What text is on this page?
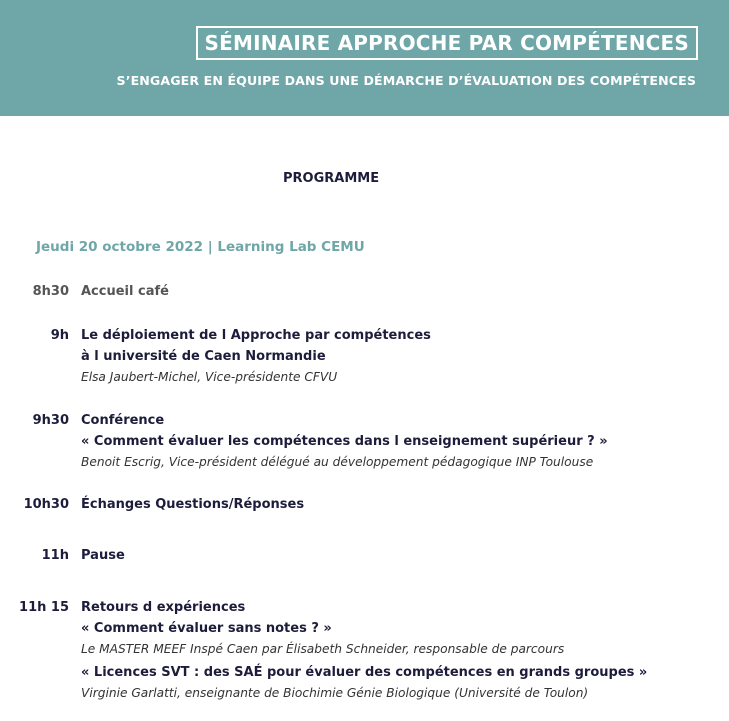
SÉMINAIRE APPROCHE PAR COMPÉTENCES
S’ENGAGER EN ÉQUIPE DANS UNE DÉMARCHE D’ÉVALUATION DES COMPÉTENCES
PROGRAMME
Jeudi 20 octobre 2022 | Learning Lab CEMU
8h30 Accueil café
9h Le déploiement de l Approche par compétences
à l université de Caen Normandie
Elsa Jaubert-Michel, Vice-présidente CFVU
9h30 Conférence
« Comment évaluer les compétences dans l enseignement supérieur ? »
Benoit Escrig, Vice-président délégué au développement pédagogique INP Toulouse
10h30 Échanges Questions/Réponses
11h Pause
11h 15 Retours d expériences
« Comment évaluer sans notes ? »
Le MASTER MEEF Inspé Caen par Élisabeth Schneider, responsable de parcours
« Licences SVT : des SAÉ pour évaluer des compétences en grands groupes »
Virginie Garlatti, enseignante de Biochimie Génie Biologique (Université de Toulon)
